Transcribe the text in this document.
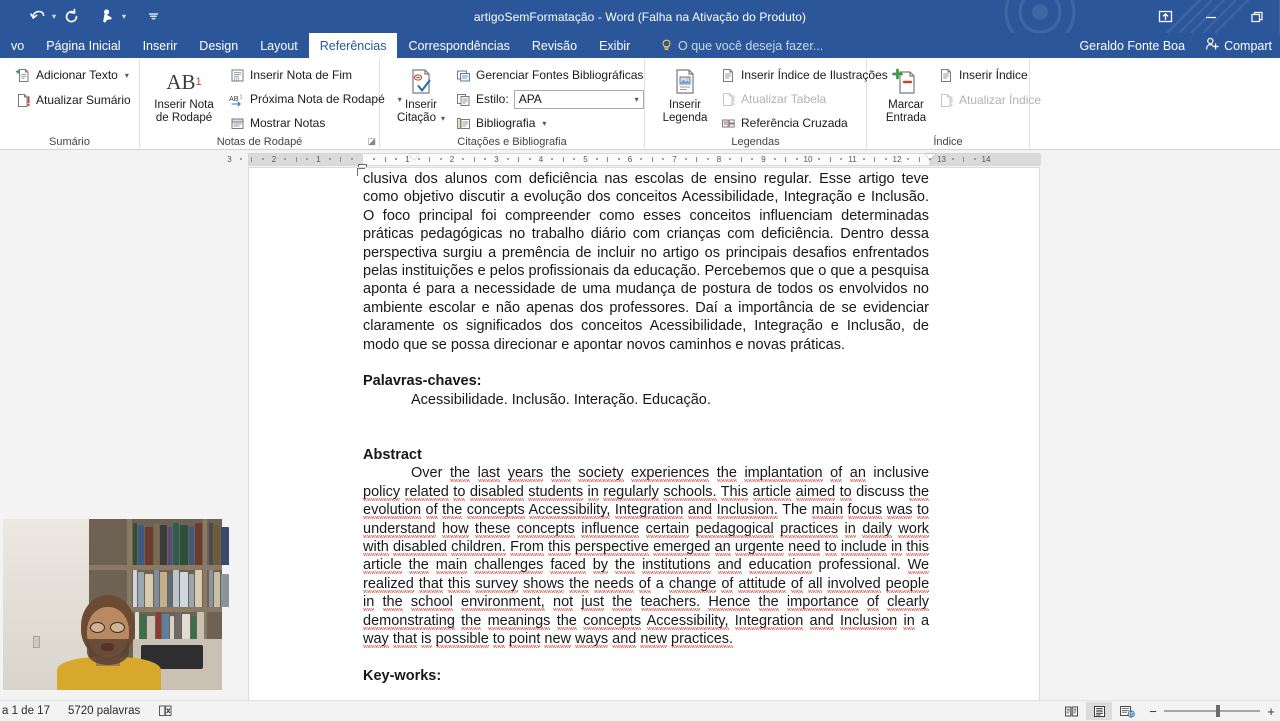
▾	▾	artigoSemFormatação - Word (Falha na Ativação do Produto)
vo Página Inicial Inserir Design Layout Referências Correspondências Revisão Exibir	O que você deseja fazer...	Geraldo Fonte Boa	Compart
Adicionar Texto ▾
Atualizar Sumário
Sumário
AB 1
Inserir Nota
de Rodapé
[i] Inserir Nota de Fim
AB 1 Próxima Nota de Rodapé ▾
Mostrar Notas
Notas de Rodapé	◪
Inserir
Citação ▾
Gerenciar Fontes Bibliográficas
Estilo: APA	▾
Bibliografia ▾
Citações e Bibliografia
Inserir
Legenda
Inserir Índice de Ilustrações
Atualizar Tabela
Referência Cruzada
Legendas
Marcar
Entrada
Inserir Índice
Atualizar Índice
Índice
3	2	1	1	2	3	4	5	6	7	8	9	10	11	12	13	14

clusiva dos alunos com deficiência nas escolas de ensino regular. Esse artigo teve como objetivo discutir a evolução dos conceitos Acessibilidade, Integração e Inclusão. O foco principal foi compreender como esses conceitos influenciam determinadas práticas pedagógicas no trabalho diário com crianças com deficiência. Dentro dessa perspectiva surgiu a premência de incluir no artigo os principais desafios enfrentados pelas instituições e pelos profissionais da educação. Percebemos que o que a pesquisa aponta é para a necessidade de uma mudança de postura de todos os envolvidos no ambiente escolar e não apenas dos professores. Daí a importância de se evidenciar claramente os significados dos conceitos Acessibilidade, Integração e Inclusão, de modo que se possa direcionar e apontar novos caminhos e novas práticas.

Palavras-chaves:

Acessibilidade. Inclusão. Interação. Educação.

Abstract

Over the last years the society experiences the implantation of an inclusive policy related to disabled students in regularly schools. This article aimed to discuss the evolution of the concepts Accessibility, Integration and Inclusion. The main focus was to understand how these concepts influence certain pedagogical practices in daily work with disabled children. From this perspective emerged an urgente need to include in this article the main challenges faced by the institutions and education professional. We realized that this survey shows the needs of a change of attitude of all involved people in the school environment, not just the teachers. Hence the importance of clearly demonstrating the meanings the concepts Accessibility, Integration and Inclusion in a way that is possible to point new ways and new practices.

Key-works:

a 1 de 17 5720 palavras	−	+
